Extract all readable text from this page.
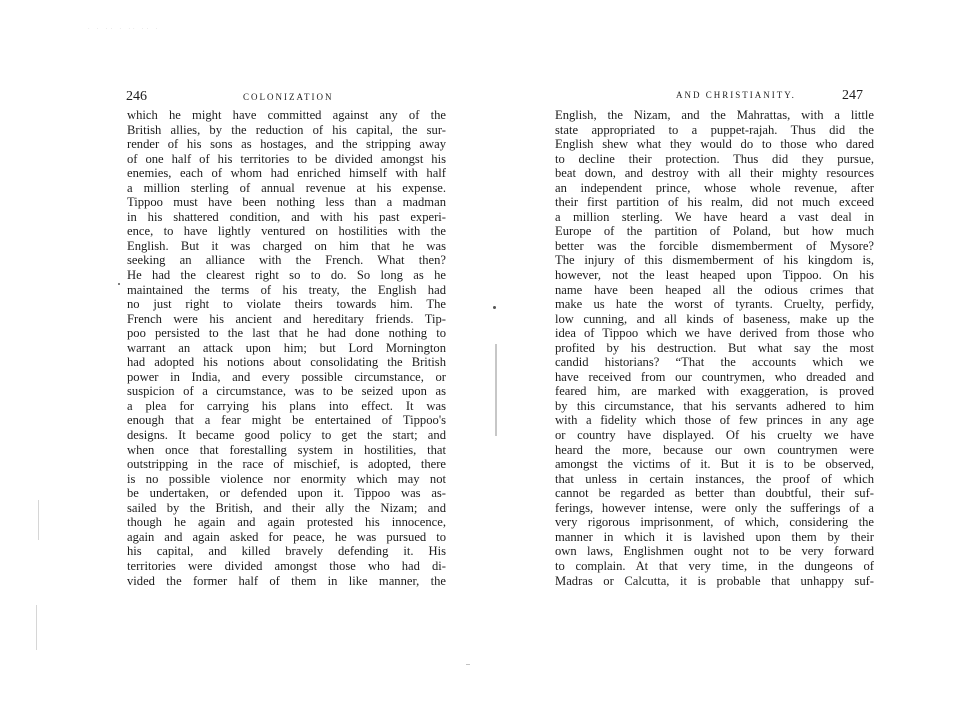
· · ·· · ·· ·· ·
246	COLONIZATION	AND CHRISTIANITY.	247
which he might have committed against any of the
British allies, by the reduction of his capital, the sur-
render of his sons as hostages, and the stripping away
of one half of his territories to be divided amongst his
enemies, each of whom had enriched himself with half
a million sterling of annual revenue at his expense.
Tippoo must have been nothing less than a madman
in his shattered condition, and with his past experi-
ence, to have lightly ventured on hostilities with the
English. But it was charged on him that he was
seeking an alliance with the French. What then?
He had the clearest right so to do. So long as he
maintained the terms of his treaty, the English had
no just right to violate theirs towards him. The
French were his ancient and hereditary friends. Tip-
poo persisted to the last that he had done nothing to
warrant an attack upon him; but Lord Mornington
had adopted his notions about consolidating the British
power in India, and every possible circumstance, or
suspicion of a circumstance, was to be seized upon as
a plea for carrying his plans into effect. It was
enough that a fear might be entertained of Tippoo's
designs. It became good policy to get the start; and
when once that forestalling system in hostilities, that
outstripping in the race of mischief, is adopted, there
is no possible violence nor enormity which may not
be undertaken, or defended upon it. Tippoo was as-
sailed by the British, and their ally the Nizam; and
though he again and again protested his innocence,
again and again asked for peace, he was pursued to
his capital, and killed bravely defending it. His
territories were divided amongst those who had di-
vided the former half of them in like manner, the
English, the Nizam, and the Mahrattas, with a little
state appropriated to a puppet-rajah. Thus did the
English shew what they would do to those who dared
to decline their protection. Thus did they pursue,
beat down, and destroy with all their mighty resources
an independent prince, whose whole revenue, after
their first partition of his realm, did not much exceed
a million sterling. We have heard a vast deal in
Europe of the partition of Poland, but how much
better was the forcible dismemberment of Mysore?
The injury of this dismemberment of his kingdom is,
however, not the least heaped upon Tippoo. On his
name have been heaped all the odious crimes that
make us hate the worst of tyrants. Cruelty, perfidy,
low cunning, and all kinds of baseness, make up the
idea of Tippoo which we have derived from those who
profited by his destruction. But what say the most
candid historians? “That the accounts which we
have received from our countrymen, who dreaded and
feared him, are marked with exaggeration, is proved
by this circumstance, that his servants adhered to him
with a fidelity which those of few princes in any age
or country have displayed. Of his cruelty we have
heard the more, because our own countrymen were
amongst the victims of it. But it is to be observed,
that unless in certain instances, the proof of which
cannot be regarded as better than doubtful, their suf-
ferings, however intense, were only the sufferings of a
very rigorous imprisonment, of which, considering the
manner in which it is lavished upon them by their
own laws, Englishmen ought not to be very forward
to complain. At that very time, in the dungeons of
Madras or Calcutta, it is probable that unhappy suf-
